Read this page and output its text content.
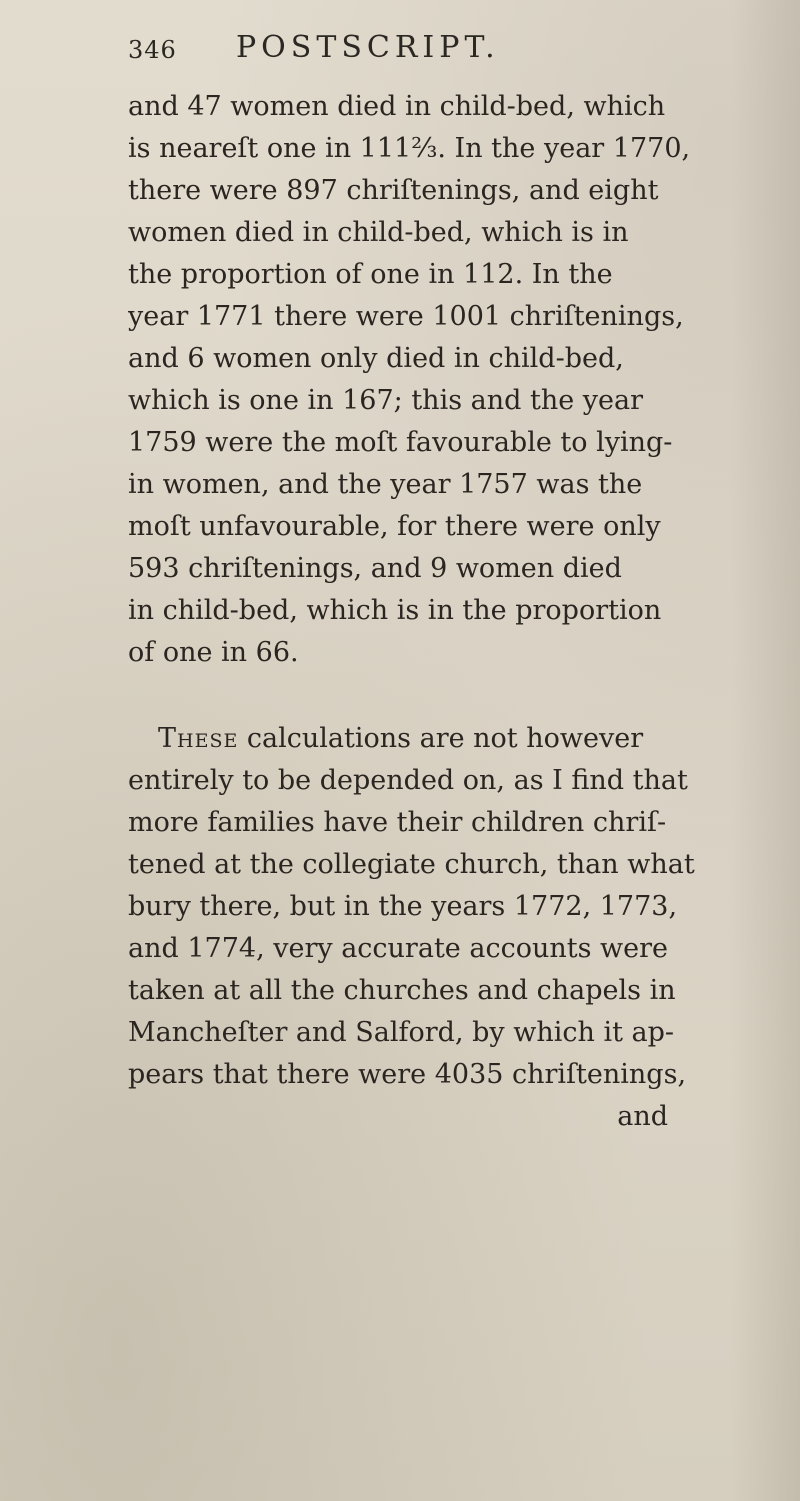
346 POSTSCRIPT.
and 47 women died in child-bed, which
is neareſt one in 111⅔. In the year 1770,
there were 897 chriſtenings, and eight
women died in child-bed, which is in
the proportion of one in 112. In the
year 1771 there were 1001 chriſtenings,
and 6 women only died in child-bed,
which is one in 167; this and the year
1759 were the moſt favourable to lying-
in women, and the year 1757 was the
moſt unfavourable, for there were only
593 chriſtenings, and 9 women died
in child-bed, which is in the proportion
of one in 66.
These calculations are not however
entirely to be depended on, as I find that
more families have their children chriſ-
tened at the collegiate church, than what
bury there, but in the years 1772, 1773,
and 1774, very accurate accounts were
taken at all the churches and chapels in
Mancheſter and Salford, by which it ap-
pears that there were 4035 chriſtenings,
and
